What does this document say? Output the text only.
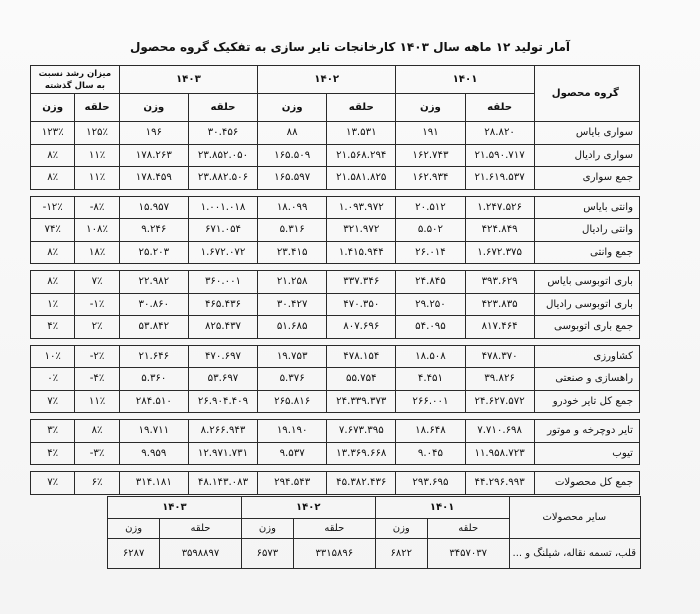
آمار تولید ۱۲ ماهه سال ۱۴۰۳ کارخانجات تایر سازی به تفکیک گروه محصول
میزان رشد نسبت به سال گذشته		۱۴۰۳		۱۴۰۲		۱۴۰۱		گروه محصول
وزن	حلقه	وزن	حلقه	وزن	حلقه	وزن	حلقه	
۱۲۳٪	۱۲۵٪	۱۹۶	۳۰.۴۵۶	۸۸	۱۳.۵۳۱	۱۹۱	۲۸.۸۲۰	سواری بایاس
۸٪	۱۱٪	۱۷۸.۲۶۳	۲۳.۸۵۲.۰۵۰	۱۶۵.۵۰۹	۲۱.۵۶۸.۲۹۴	۱۶۲.۷۴۳	۲۱.۵۹۰.۷۱۷	سواری رادیال
۸٪	۱۱٪	۱۷۸.۴۵۹	۲۳.۸۸۲.۵۰۶	۱۶۵.۵۹۷	۲۱.۵۸۱.۸۲۵	۱۶۲.۹۳۴	۲۱.۶۱۹.۵۳۷	جمع سواری

-۱۲٪	-۸٪	۱۵.۹۵۷	۱.۰۰۱.۰۱۸	۱۸.۰۹۹	۱.۰۹۳.۹۷۲	۲۰.۵۱۲	۱.۲۴۷.۵۲۶	وانتی بایاس
۷۴٪	۱۰۸٪	۹.۲۴۶	۶۷۱.۰۵۴	۵.۳۱۶	۳۲۱.۹۷۲	۵.۵۰۲	۴۲۴.۸۴۹	وانتی رادیال
۸٪	۱۸٪	۲۵.۲۰۳	۱.۶۷۲.۰۷۲	۲۳.۴۱۵	۱.۴۱۵.۹۴۴	۲۶.۰۱۴	۱.۶۷۲.۳۷۵	جمع وانتی

۸٪	۷٪	۲۲.۹۸۲	۳۶۰.۰۰۱	۲۱.۲۵۸	۳۳۷.۳۴۶	۲۴.۸۴۵	۳۹۳.۶۲۹	باری اتوبوسی بایاس
۱٪	-۱٪	۳۰.۸۶۰	۴۶۵.۴۳۶	۳۰.۴۲۷	۴۷۰.۳۵۰	۲۹.۲۵۰	۴۲۳.۸۳۵	باری اتوبوسی رادیال
۴٪	۲٪	۵۳.۸۴۲	۸۲۵.۴۳۷	۵۱.۶۸۵	۸۰۷.۶۹۶	۵۴.۰۹۵	۸۱۷.۴۶۴	جمع باری اتوبوسی

۱۰٪	-۲٪	۲۱.۶۴۶	۴۷۰.۶۹۷	۱۹.۷۵۳	۴۷۸.۱۵۴	۱۸.۵۰۸	۴۷۸.۳۷۰	کشاورزی
۰٪	-۴٪	۵.۳۶۰	۵۳.۶۹۷	۵.۳۷۶	۵۵.۷۵۴	۴.۴۵۱	۳۹.۸۲۶	راهسازی و صنعتی
۷٪	۱۱٪	۲۸۴.۵۱۰	۲۶.۹۰۴.۴۰۹	۲۶۵.۸۱۶	۲۴.۳۳۹.۳۷۳	۲۶۶.۰۰۱	۲۴.۶۲۷.۵۷۲	جمع کل تایر خودرو

۳٪	۸٪	۱۹.۷۱۱	۸.۲۶۶.۹۴۳	۱۹.۱۹۰	۷.۶۷۳.۳۹۵	۱۸.۶۴۸	۷.۷۱۰.۶۹۸	تایر دوچرخه و موتور
۴٪	-۳٪	۹.۹۵۹	۱۲.۹۷۱.۷۳۱	۹.۵۳۷	۱۳.۳۶۹.۶۶۸	۹.۰۴۵	۱۱.۹۵۸.۷۲۳	تیوب

۷٪	۶٪	۳۱۴.۱۸۱	۴۸.۱۴۳.۰۸۳	۲۹۴.۵۴۳	۴۵.۳۸۲.۴۳۶	۲۹۳.۶۹۵	۴۴.۲۹۶.۹۹۳	جمع کل محصولات
۱۴۰۳		۱۴۰۲		۱۴۰۱		سایر محصولات
وزن	حلقه	وزن	حلقه	وزن	حلقه	
۶۲۸۷	۳۵۹۸۸۹۷	۶۵۷۳	۳۳۱۵۸۹۶	۶۸۲۲	۳۴۵۷۰۳۷	قلب، تسمه نقاله، شیلنگ و ...
